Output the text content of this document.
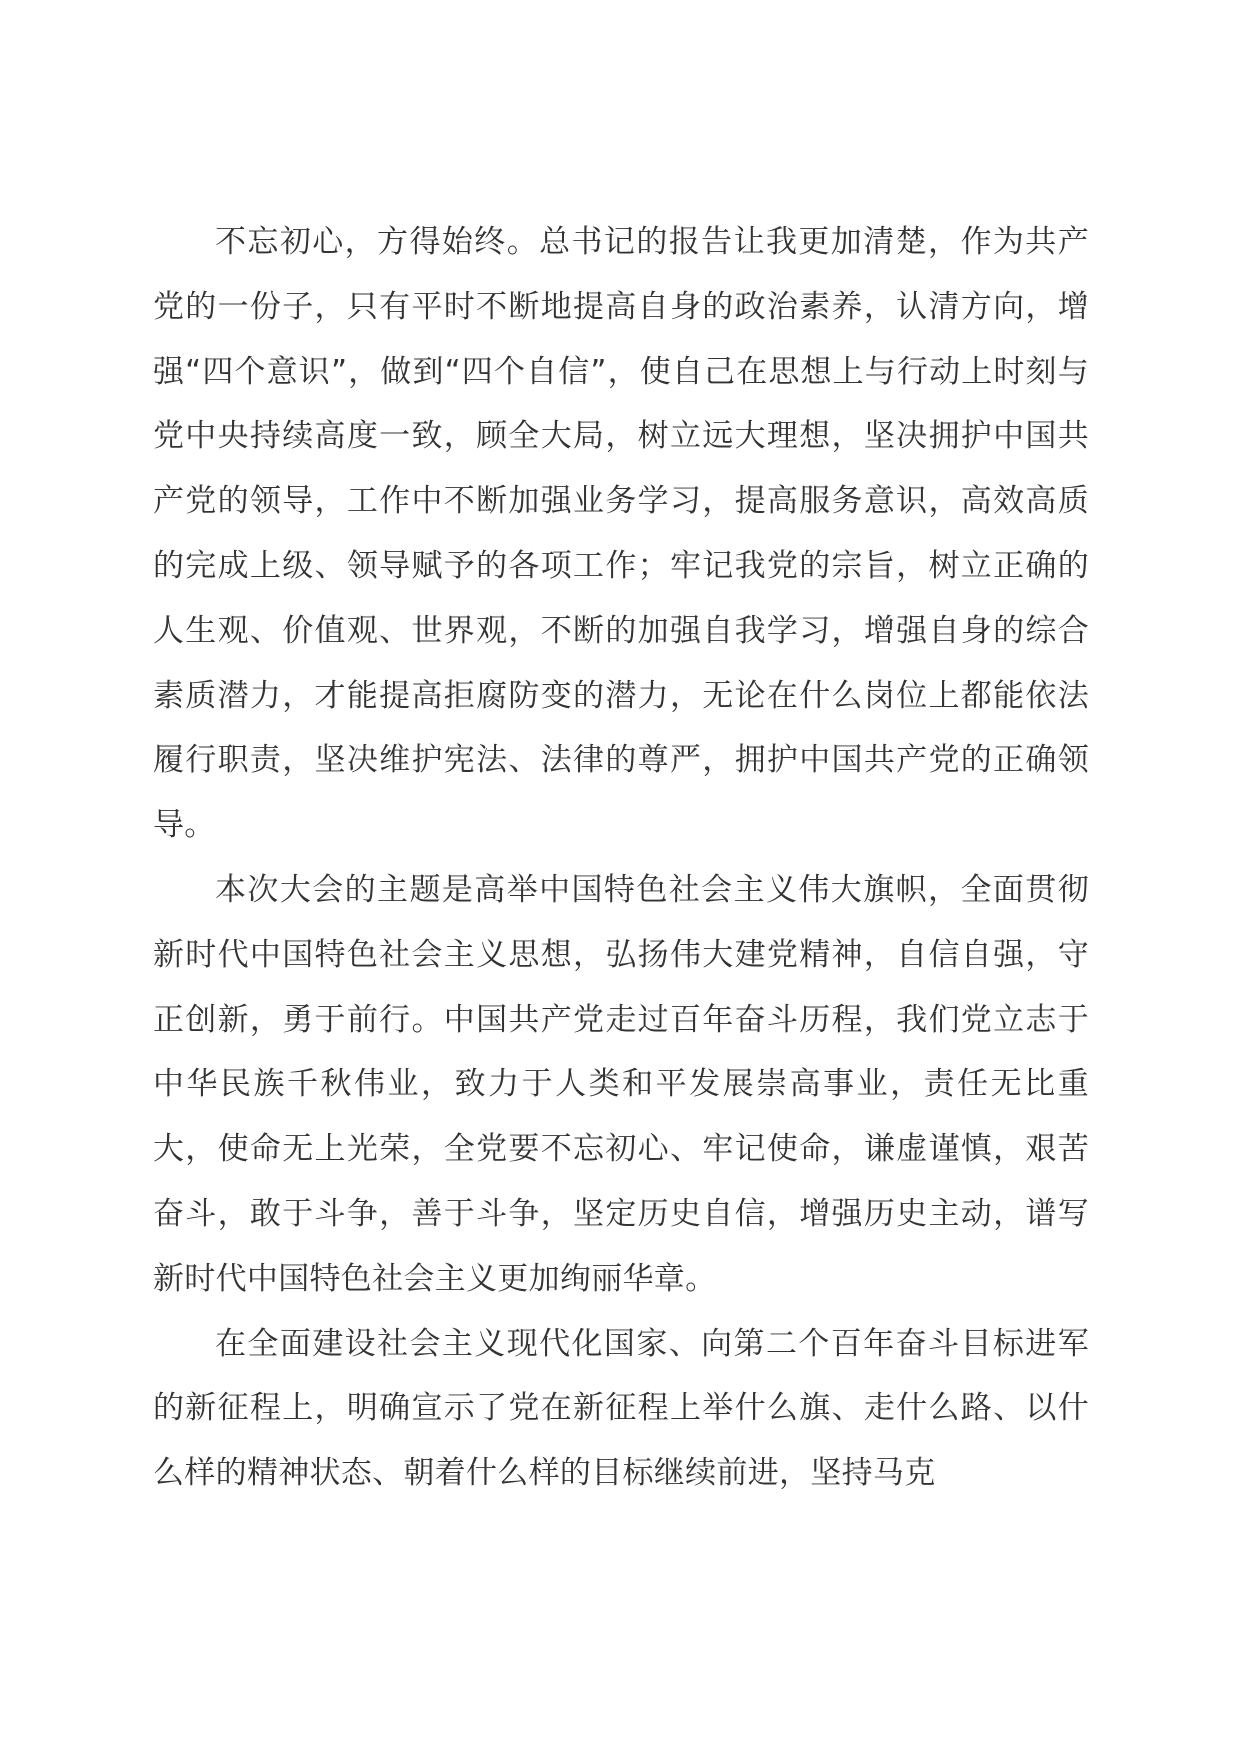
不忘初心，方得始终。总书记的报告让我更加清楚，作为共产党的一份子，只有平时不断地提高自身的政治素养，认清方向，增强“四个意识”，做到“四个自信”，使自己在思想上与行动上时刻与党中央持续高度一致，顾全大局，树立远大理想，坚决拥护中国共产党的领导，工作中不断加强业务学习，提高服务意识，高效高质的完成上级、领导赋予的各项工作；牢记我党的宗旨，树立正确的人生观、价值观、世界观，不断的加强自我学习，增强自身的综合素质潜力，才能提高拒腐防变的潜力，无论在什么岗位上都能依法履行职责，坚决维护宪法、法律的尊严，拥护中国共产党的正确领导。

本次大会的主题是高举中国特色社会主义伟大旗帜，全面贯彻新时代中国特色社会主义思想，弘扬伟大建党精神，自信自强，守正创新，勇于前行。中国共产党走过百年奋斗历程，我们党立志于中华民族千秋伟业，致力于人类和平发展崇高事业，责任无比重大，使命无上光荣，全党要不忘初心、牢记使命，谦虚谨慎，艰苦奋斗，敢于斗争，善于斗争，坚定历史自信，增强历史主动，谱写新时代中国特色社会主义更加绚丽华章。

在全面建设社会主义现代化国家、向第二个百年奋斗目标进军的新征程上，明确宣示了党在新征程上举什么旗、走什么路、以什么样的精神状态、朝着什么样的目标继续前进，坚持马克
